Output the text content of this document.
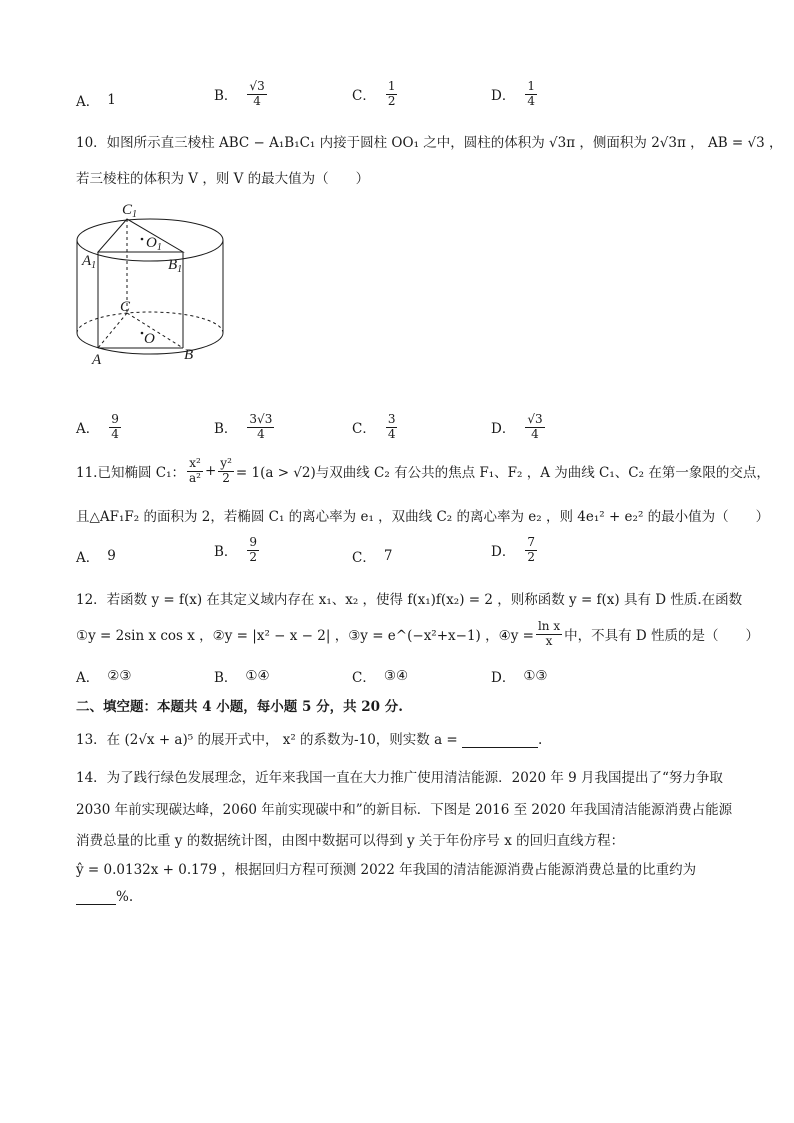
A． 1	B． $\frac{√3}{4}$	C． $\frac{1}{2}$	D． $\frac{1}{4}$
10．如图所示直三棱柱 ABC − A₁B₁C₁ 内接于圆柱 OO₁ 之中，圆柱的体积为 √3π ，侧面积为 2√3π ， AB = √3 ，
若三棱柱的体积为 V ，则 V 的最大值为（　　）
$C_1$
$O_1$
$A_1$	$B_1$
C
O
A	B
A． $\frac{9}{4}$	B． $\frac{3√3}{4}$	C． $\frac{3}{4}$	D． $\frac{√3}{4}$
11.已知椭圆 C₁： $\frac{\text{x²}}{\text{a²}} + \frac{\text{y²}}{2} = 1(a > √2)$与双曲线 C₂ 有公共的焦点 F₁、F₂ ，A 为曲线 C₁、C₂ 在第一象限的交点，
且△AF₁F₂ 的面积为 2，若椭圆 C₁ 的离心率为 e₁ ，双曲线 C₂ 的离心率为 e₂ ，则 4e₁² + e₂² 的最小值为（　　）
A． 9	B． $\frac{9}{2}$	C． 7	D． $\frac{7}{2}$
12．若函数 y = f(x) 在其定义域内存在 x₁、x₂ ，使得 f(x₁)f(x₂) = 2 ，则称函数 y = f(x) 具有 D 性质.在函数
①y = 2sin x cos x ，②y = |x² − x − 2| ，③y = e^(−x²+x−1) ，④y = $\frac{\text{ln x}}{x}$ 中，不具有 D 性质的是（　　）
A． ②③	B． ①④	C． ③④	D． ①③
二、填空题：本题共 4 小题，每小题 5 分，共 20 分.
13．在 (2√x + a)⁵ 的展开式中， x² 的系数为-10，则实数 a =	.
14．为了践行绿色发展理念，近年来我国一直在大力推广使用清洁能源．2020 年 9 月我国提出了“努力争取
2030 年前实现碳达峰，2060 年前实现碳中和”的新目标．下图是 2016 至 2020 年我国清洁能源消费占能源
消费总量的比重 y 的数据统计图，由图中数据可以得到 y 关于年份序号 x 的回归直线方程：
ŷ = 0.0132x + 0.179 ，根据回归方程可预测 2022 年我国的清洁能源消费占能源消费总量的比重约为
%.
